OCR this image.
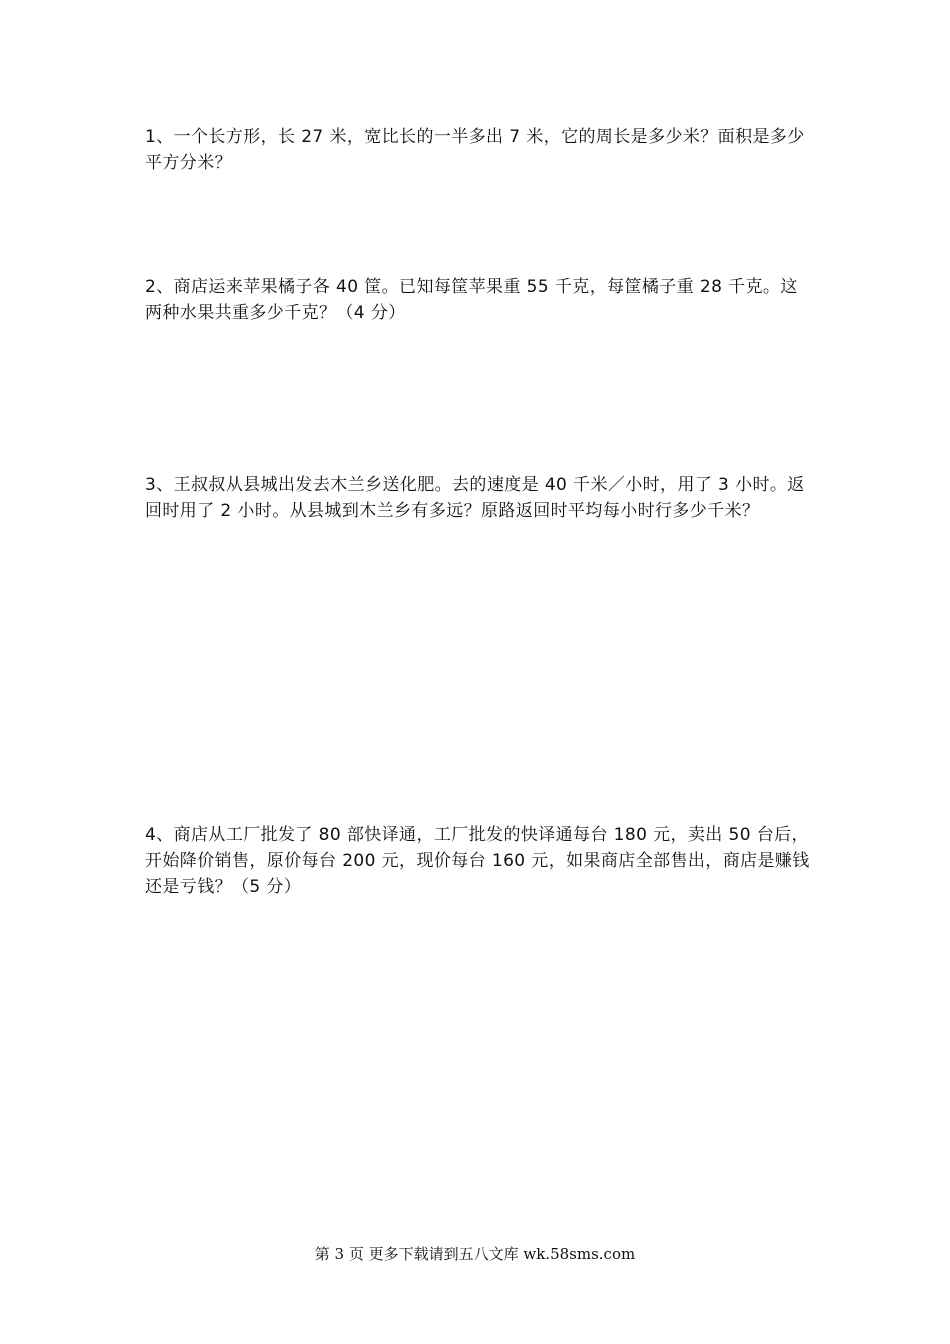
1、一个长方形，长 27 米，宽比长的一半多出 7 米，它的周长是多少米？面积是多少平方分米？
2、商店运来苹果橘子各 40 筐。已知每筐苹果重 55 千克，每筐橘子重 28 千克。这两种水果共重多少千克？（4 分）
3、王叔叔从县城出发去木兰乡送化肥。去的速度是 40 千米／小时，用了 3 小时。返回时用了 2 小时。从县城到木兰乡有多远？原路返回时平均每小时行多少千米？
4、商店从工厂批发了 80 部快译通，工厂批发的快译通每台 180 元，卖出 50 台后，开始降价销售，原价每台 200 元，现价每台 160 元，如果商店全部售出，商店是赚钱还是亏钱？（5 分）
第 3 页 更多下载请到五八文库 wk.58sms.com
